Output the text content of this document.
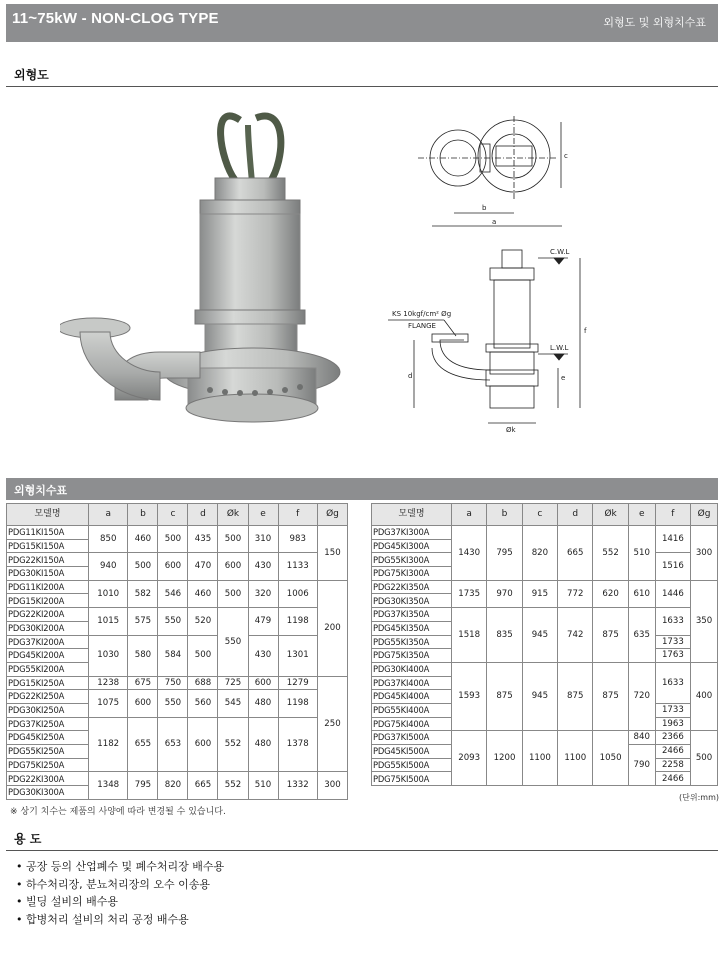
11~75kW - NON-CLOG TYPE	외형도 및 외형치수표
외형도
c
b
a
C.W.L
L.W.L
KS 10kgf/cm² Øg
FLANGE
d	e
f
Øk
외형치수표
모델명	a	b	c	d	Øk	e	f	Øg
PDG11KI150A	850	460	500	435	500	310	983	150
PDG15KI150A								
PDG22KI150A	940	500	600	470	600	430	1133	
PDG30KI150A								
PDG11KI200A	1010	582	546	460	500	320	1006	200
PDG15KI200A								
PDG22KI200A	1015	575	550	520	550	479	1198	
PDG30KI200A								
PDG37KI200A	1030	580	584	500		430	1301	
PDG45KI200A								
PDG55KI200A								
PDG15KI250A	1238	675	750	688	725	600	1279	250
PDG22KI250A	1075	600	550	560	545	480	1198	
PDG30KI250A								
PDG37KI250A	1182	655	653	600	552	480	1378	
PDG45KI250A								
PDG55KI250A								
PDG75KI250A								
PDG22KI300A	1348	795	820	665	552	510	1332	300
PDG30KI300A								
모델명	a	b	c	d	Øk	e	f	Øg
PDG37KI300A	1430	795	820	665	552	510	1416	300
PDG45KI300A								
PDG55KI300A							1516	
PDG75KI300A								
PDG22KI350A	1735	970	915	772	620	610	1446	350
PDG30KI350A								
PDG37KI350A	1518	835	945	742	875	635	1633	
PDG45KI350A								
PDG55KI350A							1733	
PDG75KI350A							1763	
PDG30KI400A	1593	875	945	875	875	720	1633	400
PDG37KI400A								
PDG45KI400A								
PDG55KI400A							1733	
PDG75KI400A							1963	
PDG37KI500A	2093	1200	1100	1100	1050	840	2366	500
PDG45KI500A						790	2466	
PDG55KI500A							2258	
PDG75KI500A							2466	
(단위:mm)
※ 상기 치수는 제품의 사양에 따라 변경될 수 있습니다.
용 도
• 공장 등의 산업폐수 및 폐수처리장 배수용
• 하수처리장, 분뇨처리장의 오수 이송용
• 빌딩 설비의 배수용
• 합병처리 설비의 처리 공정 배수용
